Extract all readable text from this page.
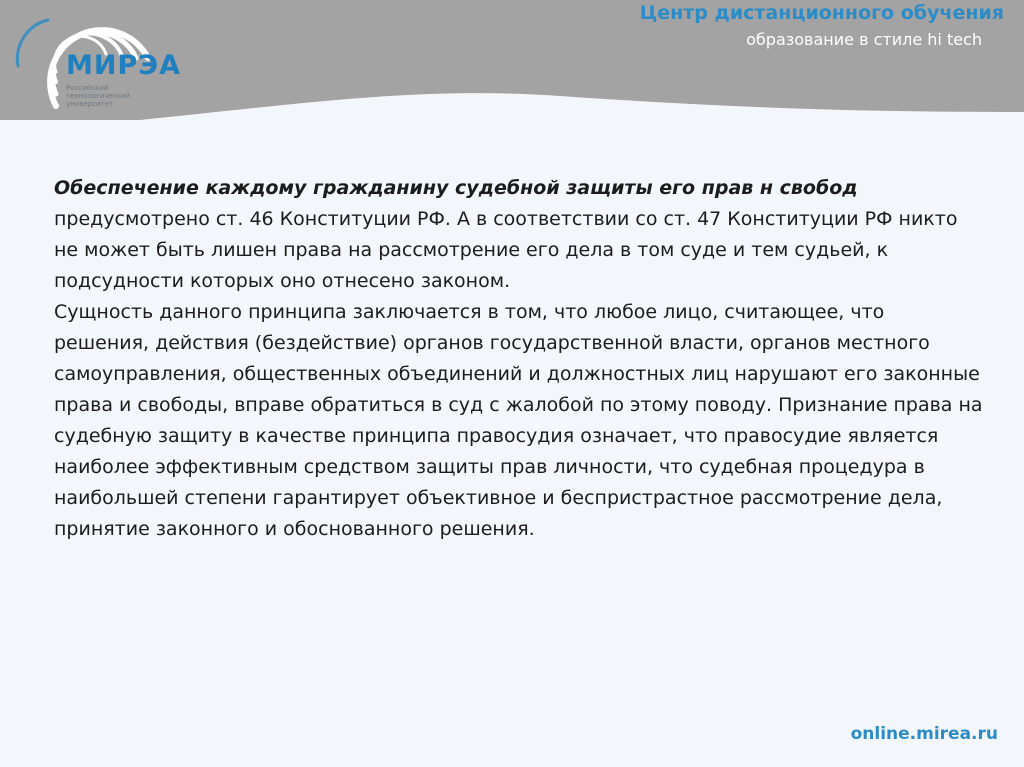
МИРЭА
Российский технологический университет
Центр дистанционного обучения
образование в стиле hi tech

Обеспечение каждому гражданину судебной защиты его прав н свобод предусмотрено ст. 46 Конституции РФ. А в соответствии со ст. 47 Конституции РФ никто не может быть лишен права на рассмотрение его дела в том суде и тем судьей, к подсудности которых оно отнесено законом.

Сущность данного принципа заключается в том, что любое лицо, считающее, что решения, действия (бездействие) органов государственной власти, органов местного самоуправления, общественных объединений и должностных лиц нарушают его законные права и свободы, вправе обратиться в суд с жалобой по этому поводу. Признание права на судебную защиту в качестве принципа правосудия означает, что правосудие является наиболее эффективным средством защиты прав личности, что судебная процедура в наибольшей степени гарантирует объективное и беспристрастное рассмотрение дела, принятие законного и обоснованного решения.

online.mirea.ru
